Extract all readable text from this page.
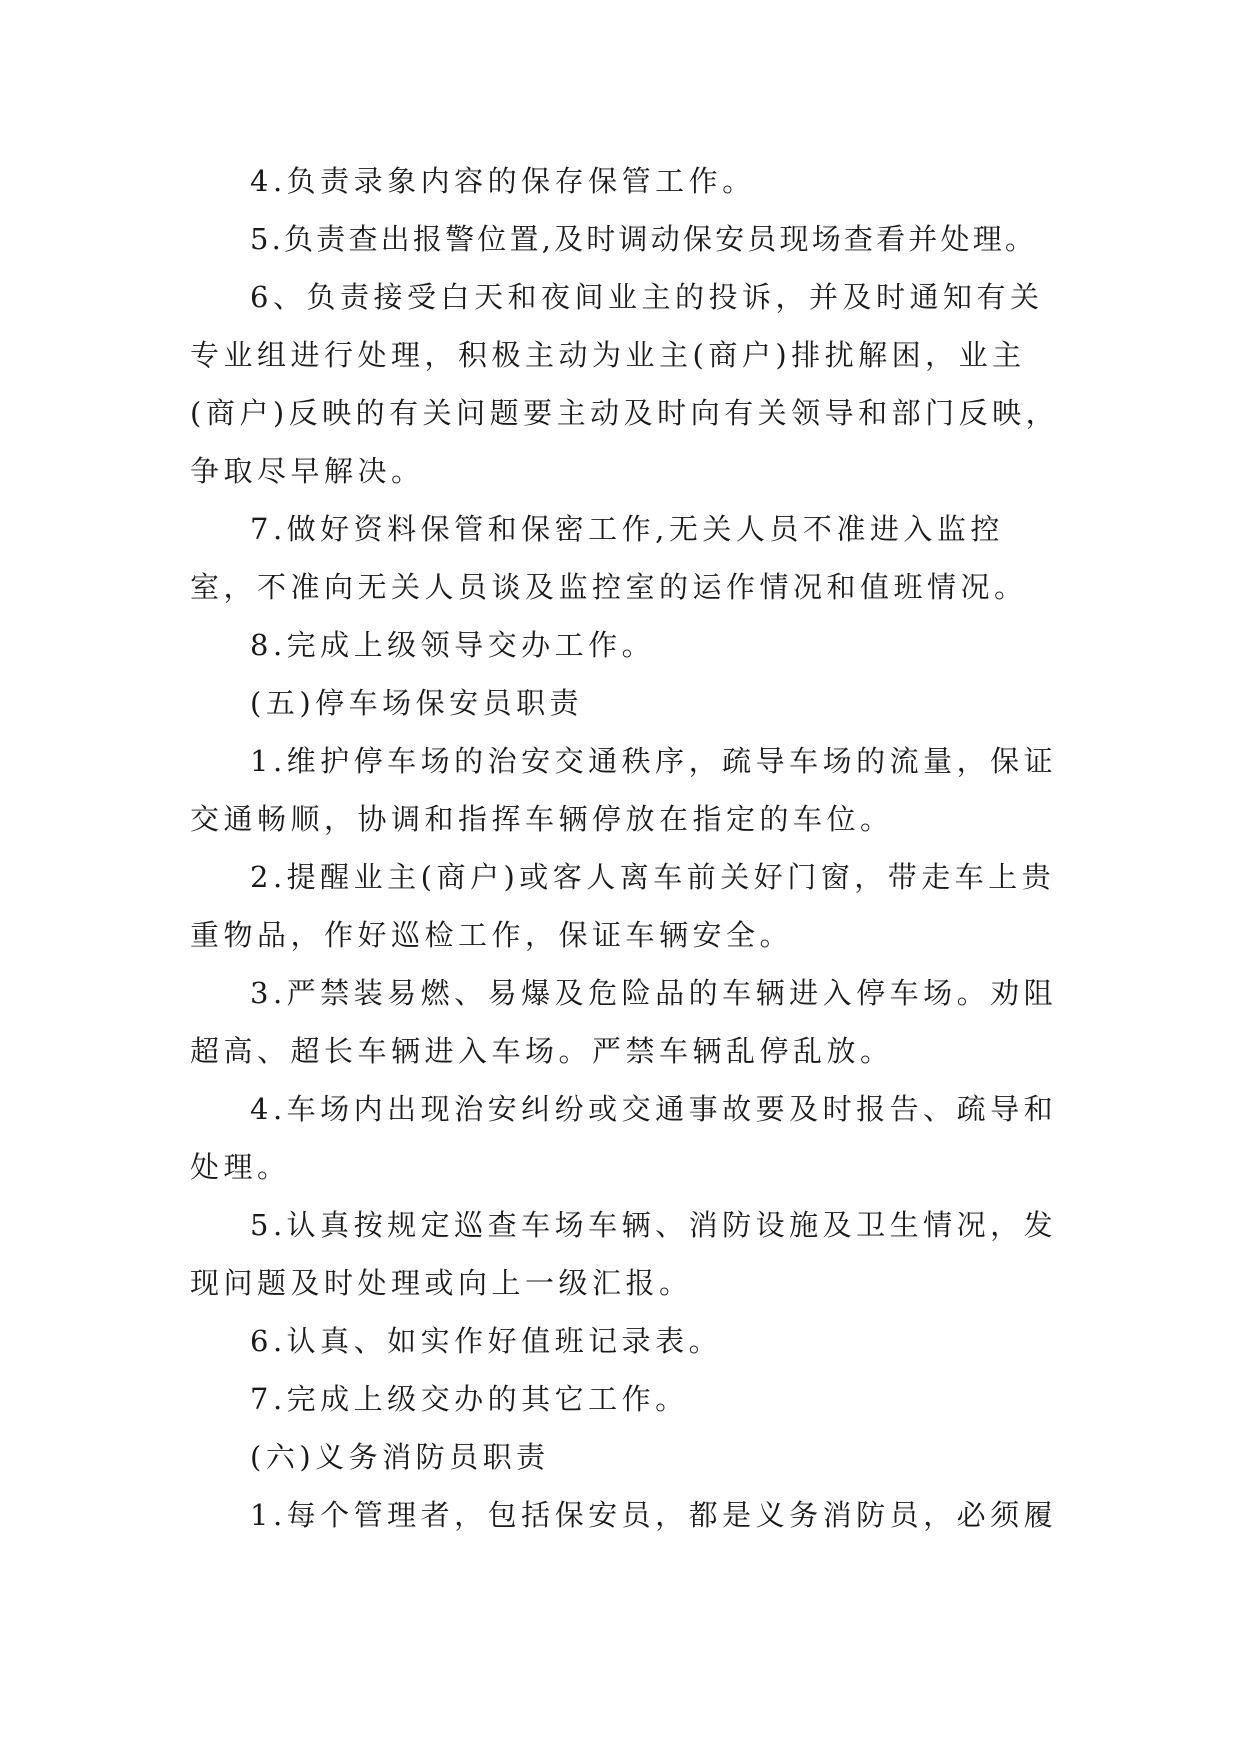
4.负责录象内容的保存保管工作。

5.负责查出报警位置,及时调动保安员现场查看并处理。

6、负责接受白天和夜间业主的投诉，并及时通知有关专业组进行处理，积极主动为业主(商户)排扰解困，业主(商户)反映的有关问题要主动及时向有关领导和部门反映，争取尽早解决。

7.做好资料保管和保密工作,无关人员不准进入监控室，不准向无关人员谈及监控室的运作情况和值班情况。

8.完成上级领导交办工作。

(五)停车场保安员职责

1.维护停车场的治安交通秩序，疏导车场的流量，保证交通畅顺，协调和指挥车辆停放在指定的车位。

2.提醒业主(商户)或客人离车前关好门窗，带走车上贵重物品，作好巡检工作，保证车辆安全。

3.严禁装易燃、易爆及危险品的车辆进入停车场。劝阻超高、超长车辆进入车场。严禁车辆乱停乱放。

4.车场内出现治安纠纷或交通事故要及时报告、疏导和处理。

5.认真按规定巡查车场车辆、消防设施及卫生情况，发现问题及时处理或向上一级汇报。

6.认真、如实作好值班记录表。

7.完成上级交办的其它工作。

(六)义务消防员职责

1.每个管理者，包括保安员，都是义务消防员，必须履
